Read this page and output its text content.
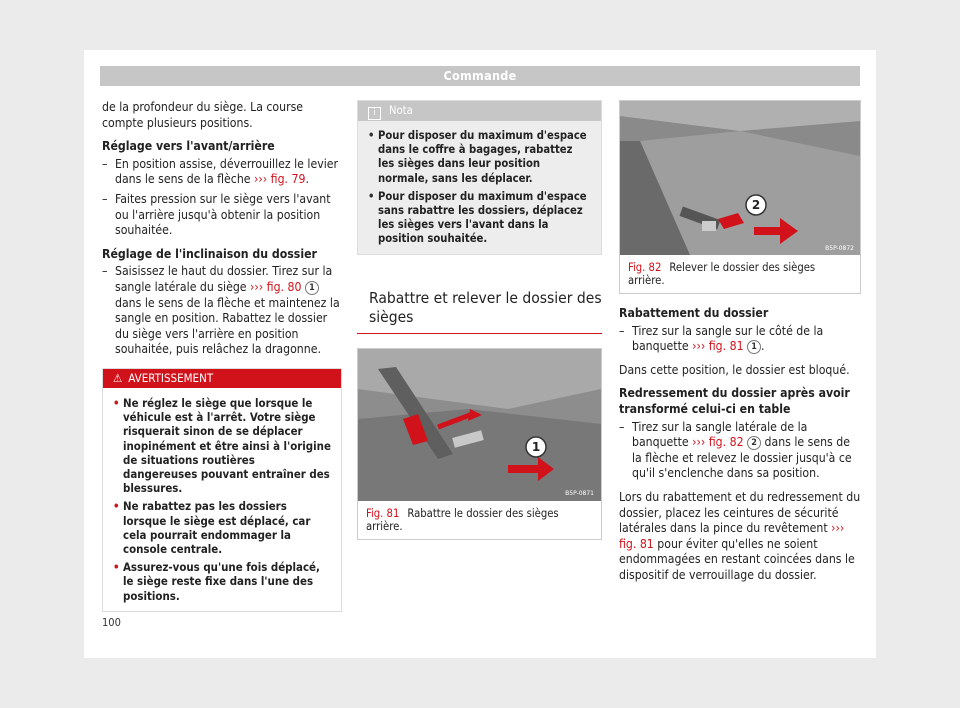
Commande

de la profondeur du siège. La course compte plusieurs positions.

Réglage vers l'avant/arrière

– En position assise, déverrouillez le levier dans le sens de la flèche ››› fig. 79.
– Faites pression sur le siège vers l'avant ou l'arrière jusqu'à obtenir la position souhaitée.

Réglage de l'inclinaison du dossier

– Saisissez le haut du dossier. Tirez sur la sangle latérale du siège ››› fig. 80 1 dans le sens de la flèche et maintenez la sangle en position. Rabattez le dossier du siège vers l'arrière en position souhaitée, puis relâchez la dragonne.
⚠ AVERTISSEMENT
• Ne réglez le siège que lorsque le véhicule est à l'arrêt. Votre siège risquerait sinon de se déplacer inopinément et être ainsi à l'origine de situations routières dangereuses pouvant entraîner des blessures.
• Ne rabattez pas les dossiers lorsque le siège est déplacé, car cela pourrait endommager la console centrale.
• Assurez-vous qu'une fois déplacé, le siège reste fixe dans l'une des positions.
i Nota
• Pour disposer du maximum d'espace dans le coffre à bagages, rabattez les sièges dans leur position normale, sans les déplacer.
• Pour disposer du maximum d'espace sans rabattre les dossiers, déplacez les sièges vers l'avant dans la position souhaitée.
Rabattre et relever le dossier des sièges
1
B5P-0871
Fig. 81 Rabattre le dossier des sièges arrière.
2
B5P-0872
Fig. 82 Relever le dossier des sièges arrière.

Rabattement du dossier

– Tirez sur la sangle sur le côté de la banquette ››› fig. 81 1 .

Dans cette position, le dossier est bloqué.

Redressement du dossier après avoir transformé celui-ci en table

– Tirez sur la sangle latérale de la banquette ››› fig. 82 2 dans le sens de la flèche et relevez le dossier jusqu'à ce qu'il s'enclenche dans sa position.

Lors du rabattement et du redressement du dossier, placez les ceintures de sécurité latérales dans la pince du revêtement ››› fig. 81 pour éviter qu'elles ne soient endommagées en restant coincées dans le dispositif de verrouillage du dossier.

100
